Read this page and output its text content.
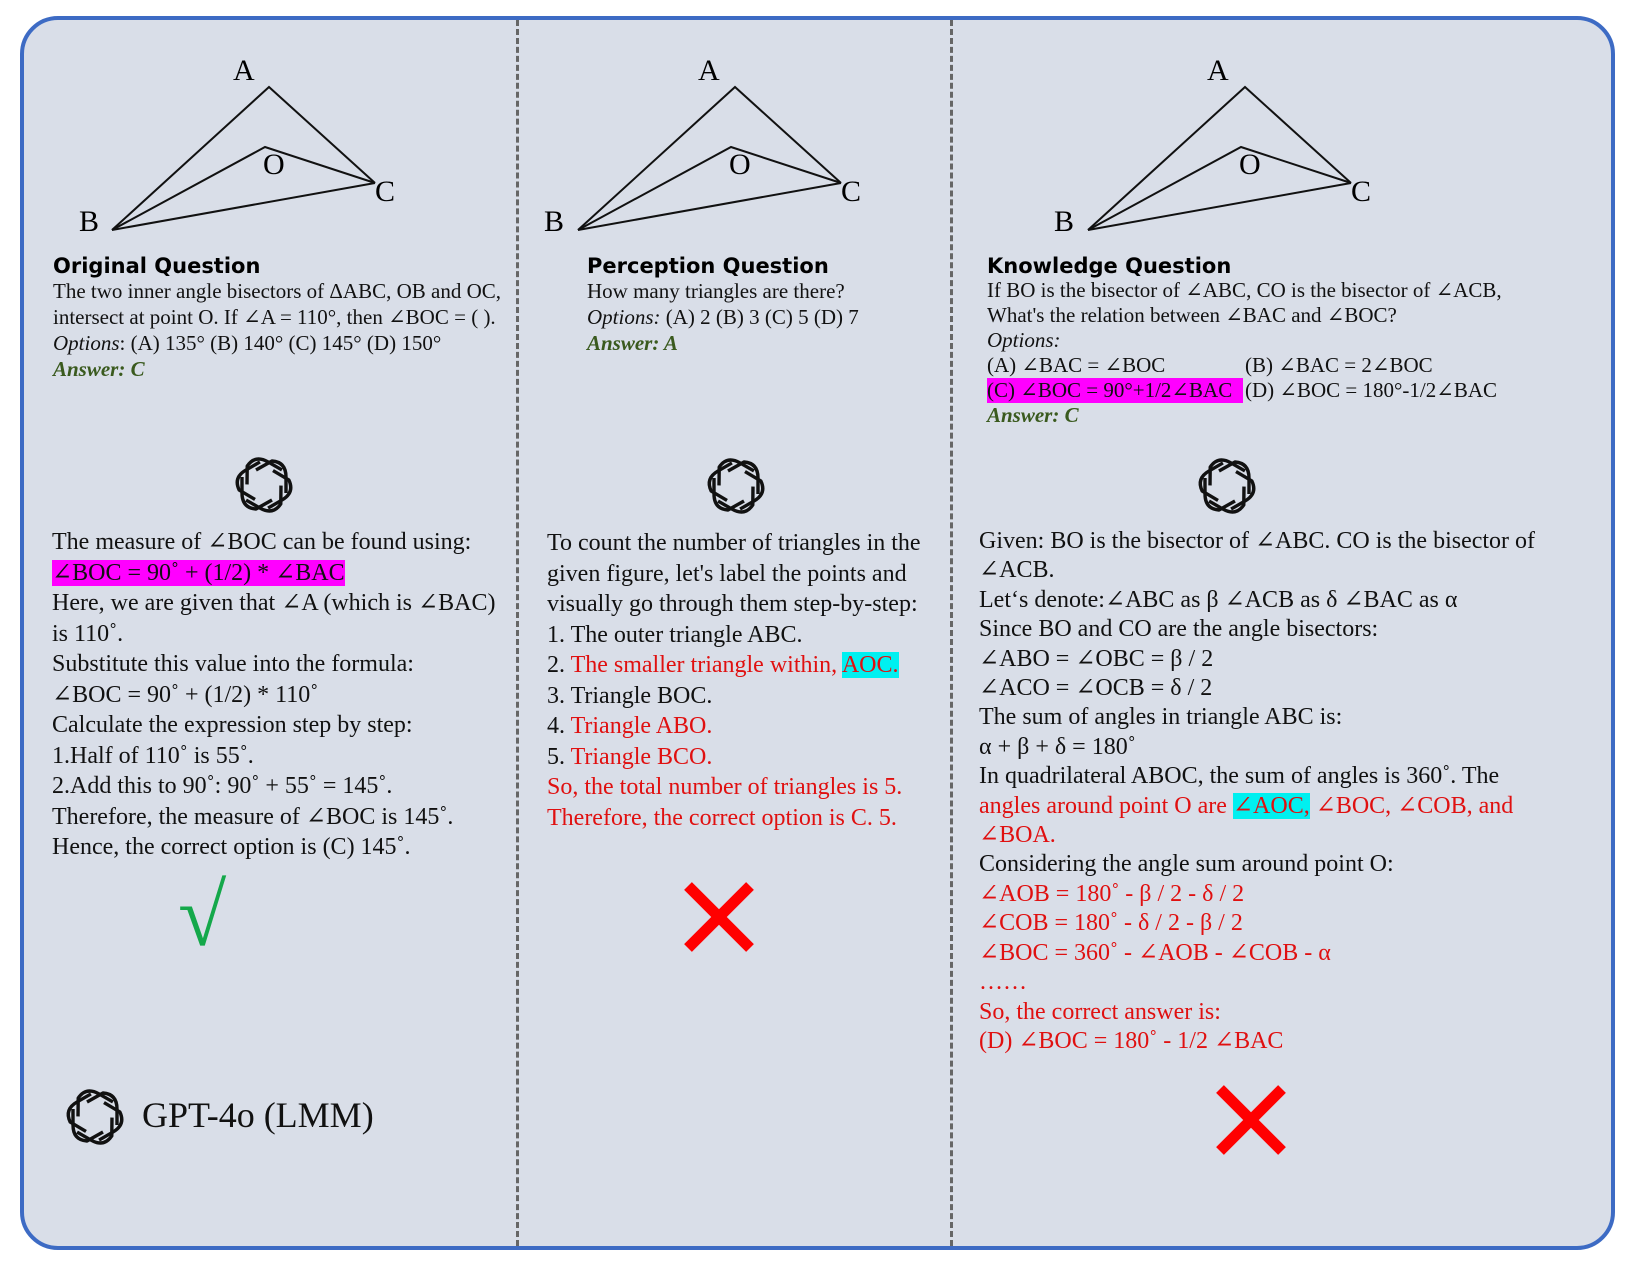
A
O
C
B
A
O
C
B
A
O
C
B
Original Question
The two inner angle bisectors of ΔABC, OB and OC,
intersect at point O. If ∠A = 110°, then ∠BOC = ( ).
Options: (A) 135° (B) 140° (C) 145° (D) 150°
Answer: C
Perception Question
How many triangles are there?
Options: (A) 2 (B) 3 (C) 5 (D) 7
Answer: A
Knowledge Question
If BO is the bisector of ∠ABC, CO is the bisector of ∠ACB,
What's the relation between ∠BAC and ∠BOC?
Options:
(A) ∠BAC = ∠BOC	(B) ∠BAC = 2∠BOC
(C) ∠BOC = 90°+1/2∠BAC (D) ∠BOC = 180°-1/2∠BAC
Answer: C
The measure of ∠BOC can be found using:
∠BOC = 90˚ + (1/2) * ∠BAC
Here, we are given that ∠A (which is ∠BAC)
is 110˚.
Substitute this value into the formula:
∠BOC = 90˚ + (1/2) * 110˚
Calculate the expression step by step:
1.Half of 110˚ is 55˚.
2.Add this to 90˚: 90˚ + 55˚ = 145˚.
Therefore, the measure of ∠BOC is 145˚.
Hence, the correct option is (C) 145˚.
To count the number of triangles in the
given figure, let's label the points and
visually go through them step-by-step:
1. The outer triangle ABC.
2. The smaller triangle within, AOC.
3. Triangle BOC.
4. Triangle ABO.
5. Triangle BCO.
So, the total number of triangles is 5.
Therefore, the correct option is C. 5.
Given: BO is the bisector of ∠ABC. CO is the bisector of
∠ACB.
Let‘s denote:∠ABC as β ∠ACB as δ ∠BAC as α
Since BO and CO are the angle bisectors:
∠ABO = ∠OBC = β / 2
∠ACO = ∠OCB = δ / 2
The sum of angles in triangle ABC is:
α + β + δ = 180˚
In quadrilateral ABOC, the sum of angles is 360˚. The
angles around point O are ∠AOC, ∠BOC, ∠COB, and
∠BOA.
Considering the angle sum around point O:
∠AOB = 180˚ - β / 2 - δ / 2
∠COB = 180˚ - δ / 2 - β / 2
∠BOC = 360˚ - ∠AOB - ∠COB - α
……
So, the correct answer is:
(D) ∠BOC = 180˚ - 1/2 ∠BAC
√
GPT-4o (LMM)
